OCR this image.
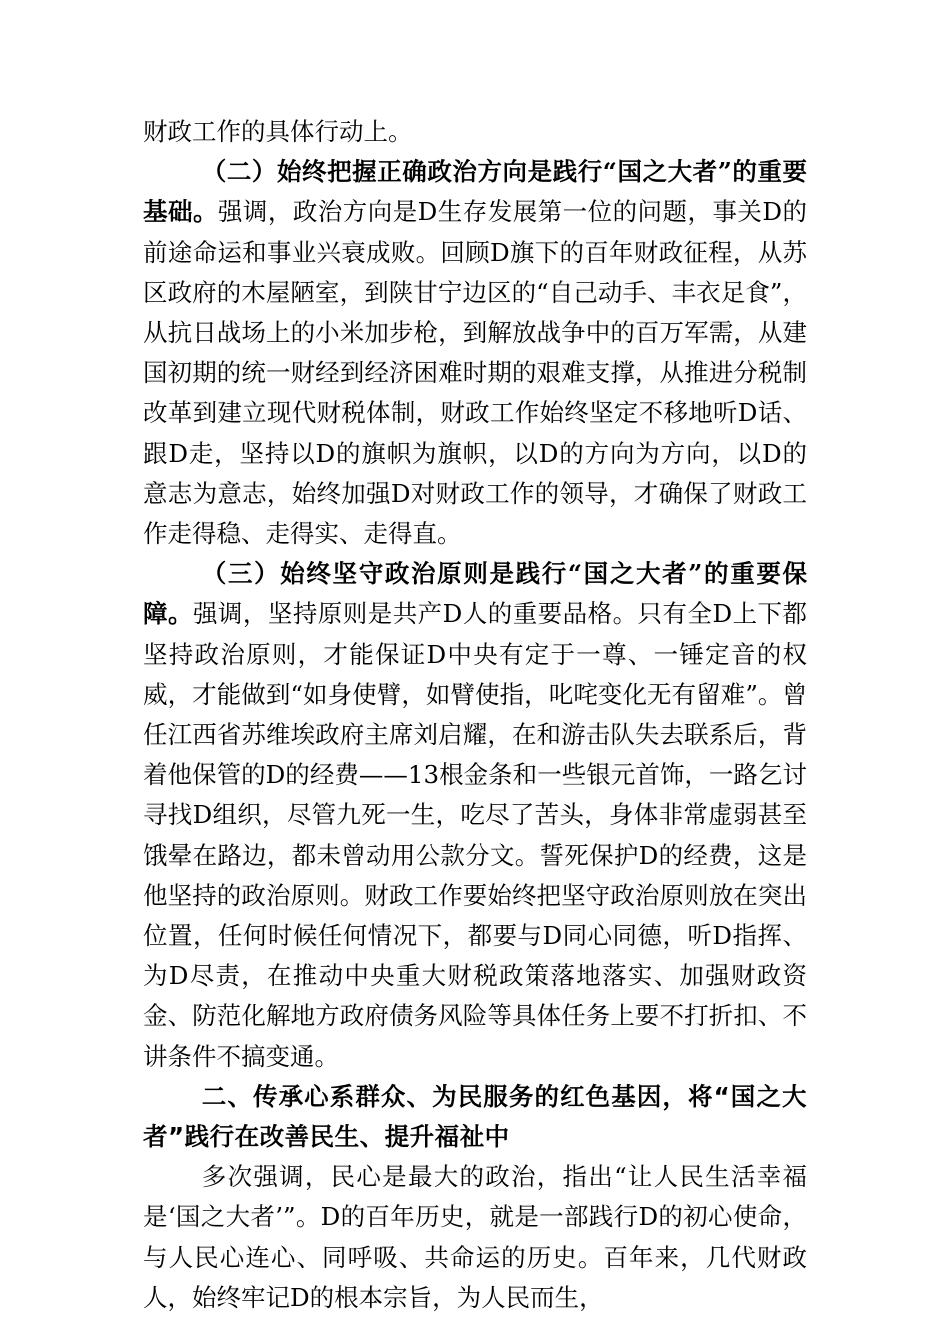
财政工作的具体行动上。

（二）始终把握正确政治方向是践行“国之大者”的重要基础。强调，政治方向是D生存发展第一位的问题，事关D的前途命运和事业兴衰成败。回顾D旗下的百年财政征程，从苏区政府的木屋陋室，到陕甘宁边区的“自己动手、丰衣足食”，从抗日战场上的小米加步枪，到解放战争中的百万军需，从建国初期的统一财经到经济困难时期的艰难支撑，从推进分税制改革到建立现代财税体制，财政工作始终坚定不移地听D话、跟D走，坚持以D的旗帜为旗帜，以D的方向为方向，以D的意志为意志，始终加强D对财政工作的领导，才确保了财政工作走得稳、走得实、走得直。

（三）始终坚守政治原则是践行“国之大者”的重要保障。强调，坚持原则是共产D人的重要品格。只有全D上下都坚持政治原则，才能保证D中央有定于一尊、一锤定音的权威，才能做到“如身使臂，如臂使指，叱咤变化无有留难”。曾任江西省苏维埃政府主席刘启耀，在和游击队失去联系后，背着他保管的D的经费——13根金条和一些银元首饰，一路乞讨寻找D组织，尽管九死一生，吃尽了苦头，身体非常虚弱甚至饿晕在路边，都未曾动用公款分文。誓死保护D的经费，这是他坚持的政治原则。财政工作要始终把坚守政治原则放在突出位置，任何时候任何情况下，都要与D同心同德，听D指挥、为D尽责，在推动中央重大财税政策落地落实、加强财政资金、防范化解地方政府债务风险等具体任务上要不打折扣、不讲条件不搞变通。

二、传承心系群众、为民服务的红色基因，将“国之大者”践行在改善民生、提升福祉中

多次强调，民心是最大的政治，指出“让人民生活幸福是‘国之大者’”。D的百年历史，就是一部践行D的初心使命，与人民心连心、同呼吸、共命运的历史。百年来，几代财政人，始终牢记D的根本宗旨，为人民而生，
